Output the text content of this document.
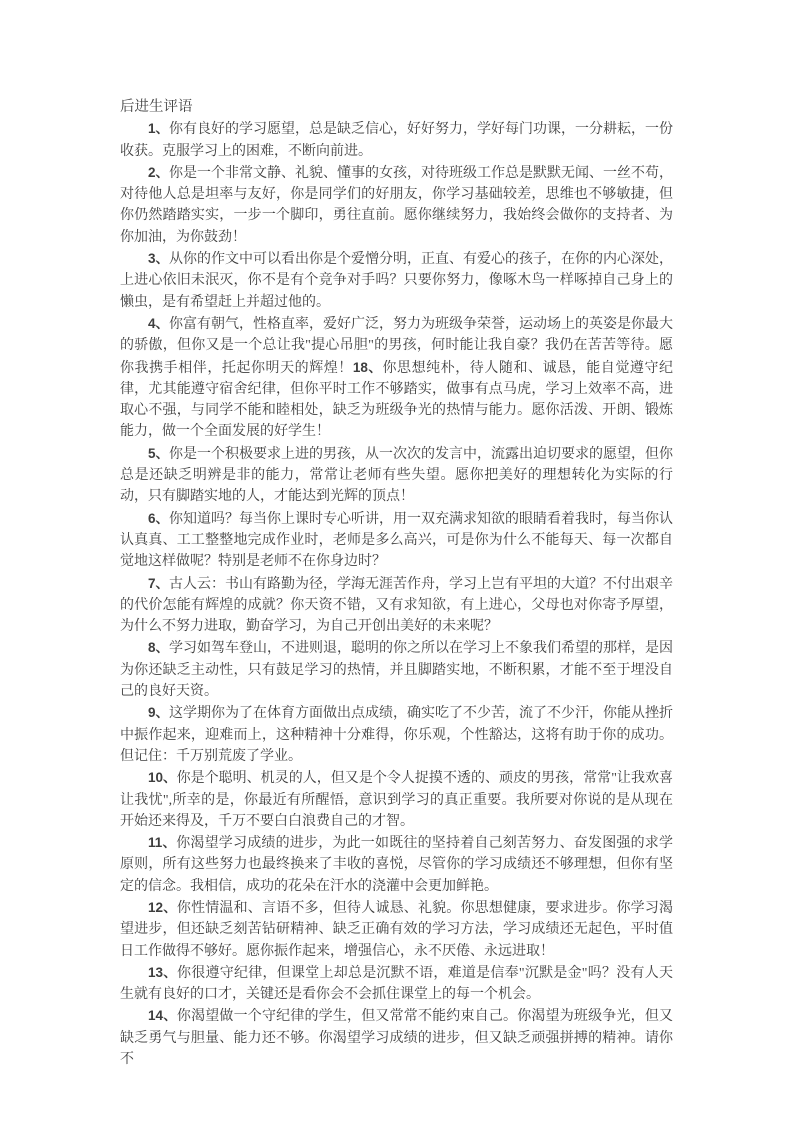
后进生评语

1、你有良好的学习愿望，总是缺乏信心，好好努力，学好每门功课，一分耕耘，一份收获。克服学习上的困难，不断向前进。

2、你是一个非常文静、礼貌、懂事的女孩，对待班级工作总是默默无闻、一丝不苟，对待他人总是坦率与友好，你是同学们的好朋友，你学习基础较差，思维也不够敏捷，但你仍然踏踏实实，一步一个脚印，勇往直前。愿你继续努力，我始终会做你的支持者、为你加油，为你鼓劲！

3、从你的作文中可以看出你是个爱憎分明，正直、有爱心的孩子，在你的内心深处，上进心依旧未泯灭，你不是有个竞争对手吗？只要你努力，像啄木鸟一样啄掉自己身上的懒虫，是有希望赶上并超过他的。

4、你富有朝气，性格直率，爱好广泛，努力为班级争荣誉，运动场上的英姿是你最大的骄傲，但你又是一个总让我"提心吊胆"的男孩，何时能让我自豪？我仍在苦苦等待。愿你我携手相伴，托起你明天的辉煌！18、你思想纯朴，待人随和、诚恳，能自觉遵守纪律，尤其能遵守宿舍纪律，但你平时工作不够踏实，做事有点马虎，学习上效率不高，进取心不强，与同学不能和睦相处，缺乏为班级争光的热情与能力。愿你活泼、开朗、锻炼能力，做一个全面发展的好学生！

5、你是一个积极要求上进的男孩，从一次次的发言中，流露出迫切要求的愿望，但你总是还缺乏明辨是非的能力，常常让老师有些失望。愿你把美好的理想转化为实际的行动，只有脚踏实地的人，才能达到光辉的顶点！

6、你知道吗？每当你上课时专心听讲，用一双充满求知欲的眼睛看着我时，每当你认认真真、工工整整地完成作业时，老师是多么高兴，可是你为什么不能每天、每一次都自觉地这样做呢？特别是老师不在你身边时？

7、古人云：书山有路勤为径，学海无涯苦作舟，学习上岂有平坦的大道？不付出艰辛的代价怎能有辉煌的成就？你天资不错，又有求知欲，有上进心，父母也对你寄予厚望，为什么不努力进取，勤奋学习，为自己开创出美好的未来呢？

8、学习如驾车登山，不进则退，聪明的你之所以在学习上不象我们希望的那样，是因为你还缺乏主动性，只有鼓足学习的热情，并且脚踏实地，不断积累，才能不至于埋没自己的良好天资。

9、这学期你为了在体育方面做出点成绩，确实吃了不少苦，流了不少汗，你能从挫折中振作起来，迎难而上，这种精神十分难得，你乐观，个性豁达，这将有助于你的成功。但记住：千万别荒废了学业。

10、你是个聪明、机灵的人，但又是个令人捉摸不透的、顽皮的男孩，常常"让我欢喜让我忧",所幸的是，你最近有所醒悟，意识到学习的真正重要。我所要对你说的是从现在开始还来得及，千万不要白白浪费自己的才智。

11、你渴望学习成绩的进步，为此一如既往的坚持着自己刻苦努力、奋发图强的求学原则，所有这些努力也最终换来了丰收的喜悦，尽管你的学习成绩还不够理想，但你有坚定的信念。我相信，成功的花朵在汗水的浇灌中会更加鲜艳。

12、你性情温和、言语不多，但待人诚恳、礼貌。你思想健康，要求进步。你学习渴望进步，但还缺乏刻苦钻研精神、缺乏正确有效的学习方法，学习成绩还无起色，平时值日工作做得不够好。愿你振作起来，增强信心，永不厌倦、永远进取！

13、你很遵守纪律，但课堂上却总是沉默不语，难道是信奉"沉默是金"吗？没有人天生就有良好的口才，关键还是看你会不会抓住课堂上的每一个机会。

14、你渴望做一个守纪律的学生，但又常常不能约束自己。你渴望为班级争光，但又缺乏勇气与胆量、能力还不够。你渴望学习成绩的进步，但又缺乏顽强拼搏的精神。请你不
